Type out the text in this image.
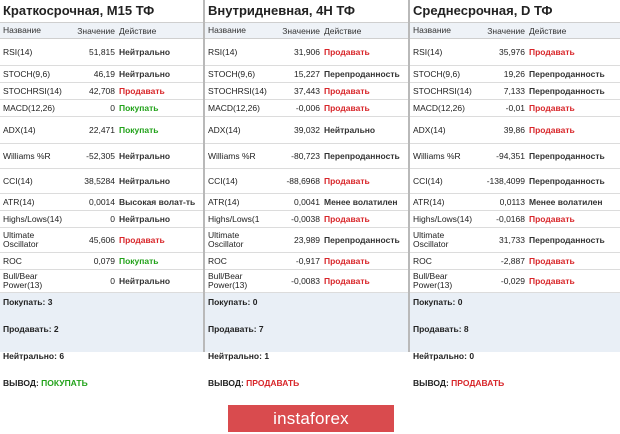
Краткосрочная, M15 ТФ
Название	Значение Действие
RSI(14)	51,815 Нейтрально
STOCH(9,6)	46,19 Нейтрально
STOCHRSI(14)	42,708 Продавать
MACD(12,26)	0 Покупать
ADX(14)	22,471 Покупать
Williams %R	-52,305 Нейтрально
CCI(14)	38,5284 Нейтрально
ATR(14)	0,0014 Высокая волат-ть
Highs/Lows(14)	0 Нейтрально
Ultimate Oscillator	45,606 Продавать
ROC	0,079 Покупать
Bull/Bear Power(13)	0 Нейтрально
Покупать: 3
Продавать: 2
Нейтрально: 6
ВЫВОД: ПОКУПАТЬ
Внутридневная, 4H ТФ
Название	Значение Действие
RSI(14)	31,906 Продавать
STOCH(9,6)	15,227 Перепроданность
STOCHRSI(14)	37,443 Продавать
MACD(12,26)	-0,006 Продавать
ADX(14)	39,032 Нейтрально
Williams %R	-80,723 Перепроданность
CCI(14)	-88,6968 Продавать
ATR(14)	0,0041 Менее волатилен
Highs/Lows(1	-0,0038 Продавать
Ultimate Oscillator	23,989 Перепроданность
ROC	-0,917 Продавать
Bull/Bear Power(13)	-0,0083 Продавать
Покупать: 0
Продавать: 7
Нейтрально: 1
ВЫВОД: ПРОДАВАТЬ
Среднесрочная, D ТФ
Название	Значение Действие
RSI(14)	35,976 Продавать
STOCH(9,6)	19,26 Перепроданность
STOCHRSI(14)	7,133 Перепроданность
MACD(12,26)	-0,01 Продавать
ADX(14)	39,86 Продавать
Williams %R	-94,351 Перепроданность
CCI(14)	-138,4099 Перепроданность
ATR(14)	0,0113 Менее волатилен
Highs/Lows(14)	-0,0168 Продавать
Ultimate Oscillator	31,733 Перепроданность
ROC	-2,887 Продавать
Bull/Bear Power(13)	-0,029 Продавать
Покупать: 0
Продавать: 8
Нейтрально: 0
ВЫВОД: ПРОДАВАТЬ
instaforex
